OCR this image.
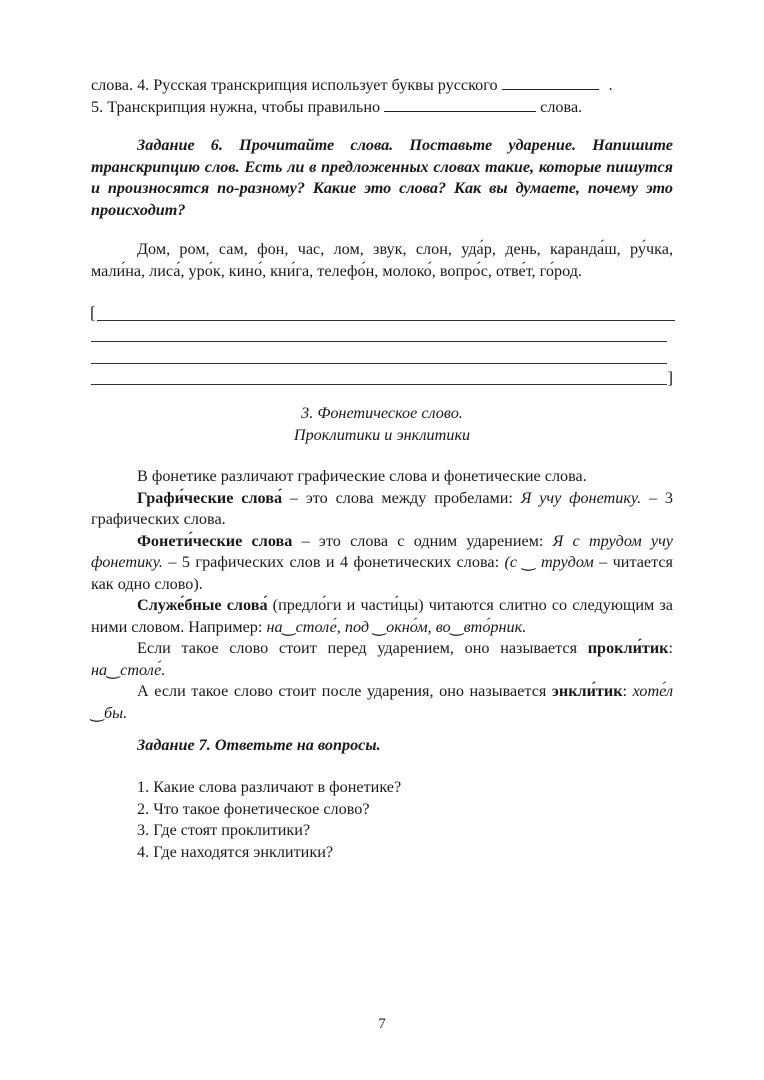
слова. 4. Русская транскрипция использует буквы русского	.

5. Транскрипция нужна, чтобы правильно	слова.

Задание 6. Прочитайте слова. Поставьте ударение. Напишите транскрипцию слов. Есть ли в предложенных словах такие, которые пишутся и произносятся по-разному? Какие это слова? Как вы думаете, почему это происходит?

Дом, ром, сам, фон, час, лом, звук, слон, уда́р, день, каранда́ш, ру́чка, мали́на, лиса́, уро́к, кино́, кни́га, телефо́н, молоко́, вопро́с, отве́т, го́род.

3. Фонетическое слово.

Проклитики и энклитики

В фонетике различают графические слова и фонетические слова.

Графи́ческие слова́ – это слова между пробелами: Я учу фонетику. – 3 графических слова.

Фонети́ческие слова – это слова с одним ударением: Я с трудом учу фонетику. – 5 графических слов и 4 фонетических слова: (с ‿ трудом – читается как одно слово).

Служе́бные слова́ (предло́ги и части́цы) читаются слитно со следующим за ними словом. Например: на‿столе́, под ‿окно́м, во‿вто́рник.

Если такое слово стоит перед ударением, оно называется прокли́тик: на‿столе́.

А если такое слово стоит после ударения, оно называется энкли́тик: хоте́л ‿бы.

Задание 7. Ответьте на вопросы.

1. Какие слова различают в фонетике?

2. Что такое фонетическое слово?

3. Где стоят проклитики?

4. Где находятся энклитики?

[
]
7
